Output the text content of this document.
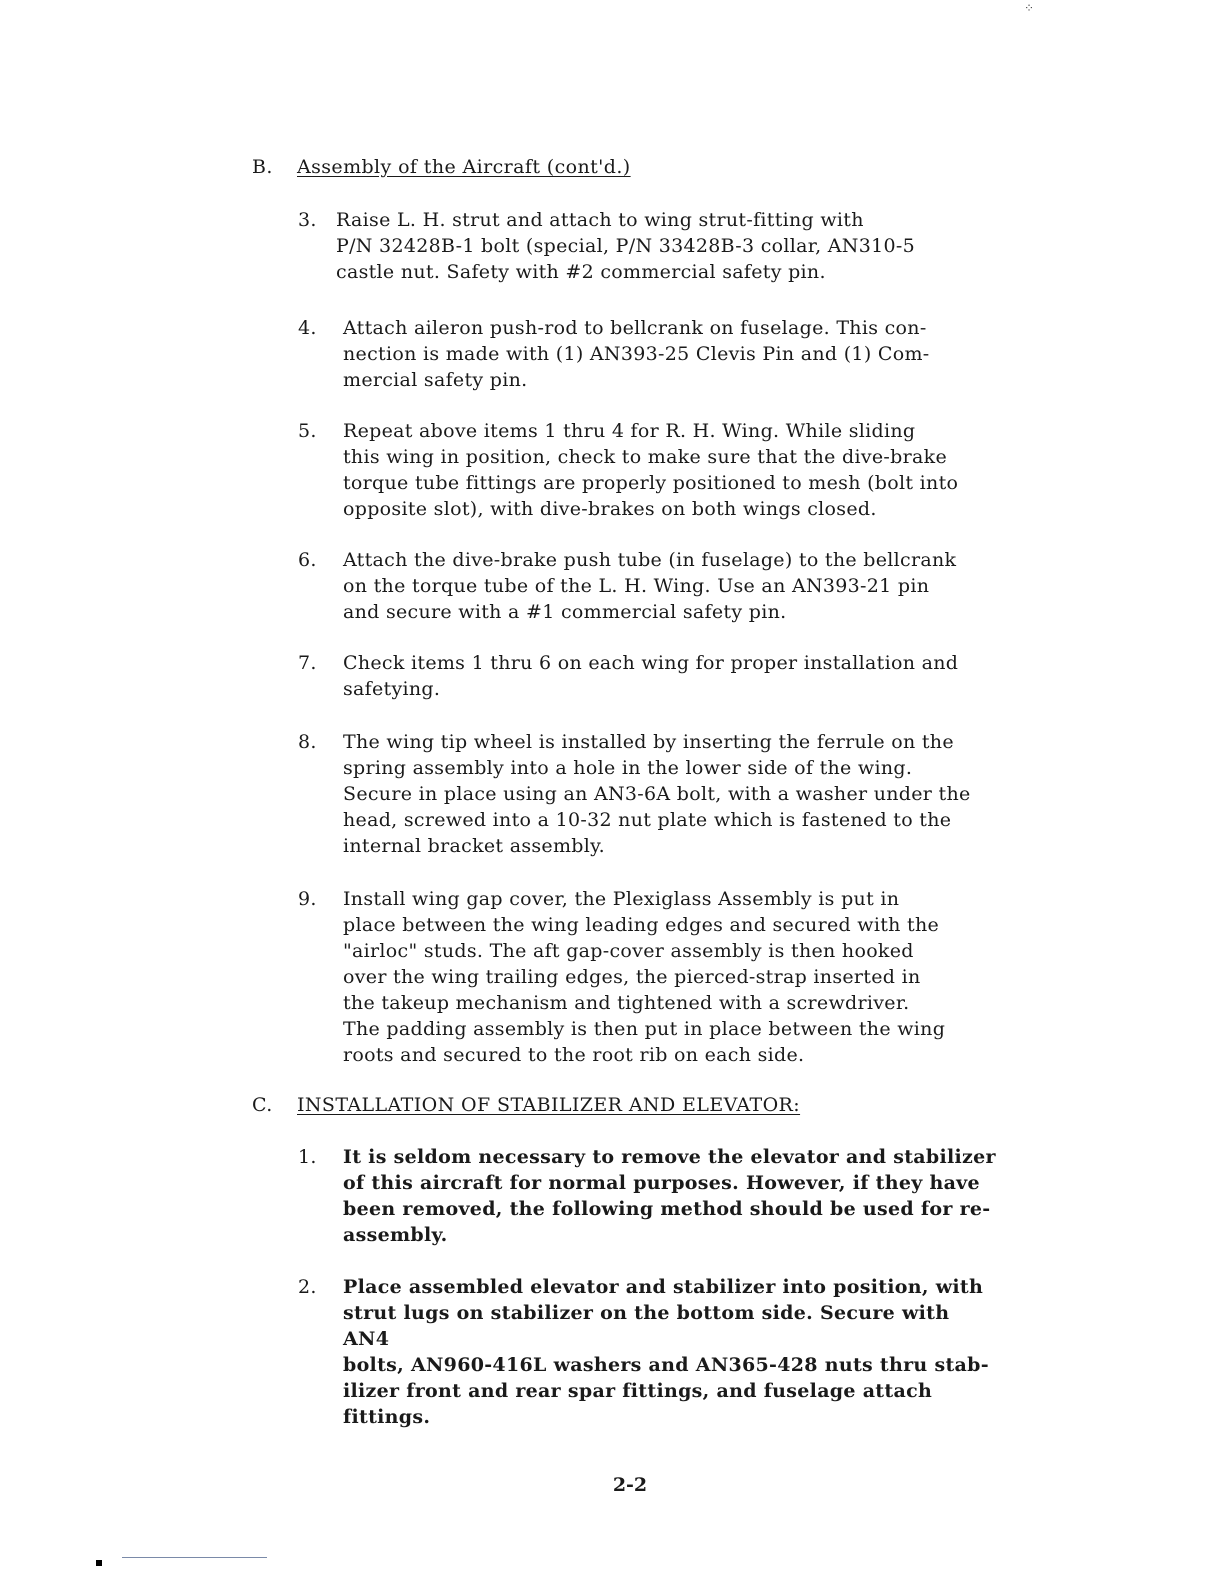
⁘
B. Assembly of the Aircraft (cont'd.)
3. Raise L. H. strut and attach to wing strut-fitting with
P/N 32428B-1 bolt (special, P/N 33428B-3 collar, AN310-5
castle nut. Safety with #2 commercial safety pin.
4. Attach aileron push-rod to bellcrank on fuselage. This con-
nection is made with (1) AN393-25 Clevis Pin and (1) Com-
mercial safety pin.
5. Repeat above items 1 thru 4 for R. H. Wing. While sliding
this wing in position, check to make sure that the dive-brake
torque tube fittings are properly positioned to mesh (bolt into
opposite slot), with dive-brakes on both wings closed.
6. Attach the dive-brake push tube (in fuselage) to the bellcrank
on the torque tube of the L. H. Wing. Use an AN393-21 pin
and secure with a #1 commercial safety pin.
7. Check items 1 thru 6 on each wing for proper installation and
safetying.
8. The wing tip wheel is installed by inserting the ferrule on the
spring assembly into a hole in the lower side of the wing.
Secure in place using an AN3-6A bolt, with a washer under the
head, screwed into a 10-32 nut plate which is fastened to the
internal bracket assembly.
9. Install wing gap cover, the Plexiglass Assembly is put in
place between the wing leading edges and secured with the
"airloc" studs. The aft gap-cover assembly is then hooked
over the wing trailing edges, the pierced-strap inserted in
the takeup mechanism and tightened with a screwdriver.
The padding assembly is then put in place between the wing
roots and secured to the root rib on each side.
C. INSTALLATION OF STABILIZER AND ELEVATOR:
1. It is seldom necessary to remove the elevator and stabilizer
of this aircraft for normal purposes. However, if they have
been removed, the following method should be used for re-
assembly.
2. Place assembled elevator and stabilizer into position, with
strut lugs on stabilizer on the bottom side. Secure with AN4
bolts, AN960-416L washers and AN365-428 nuts thru stab-
ilizer front and rear spar fittings, and fuselage attach fittings.
2-2
